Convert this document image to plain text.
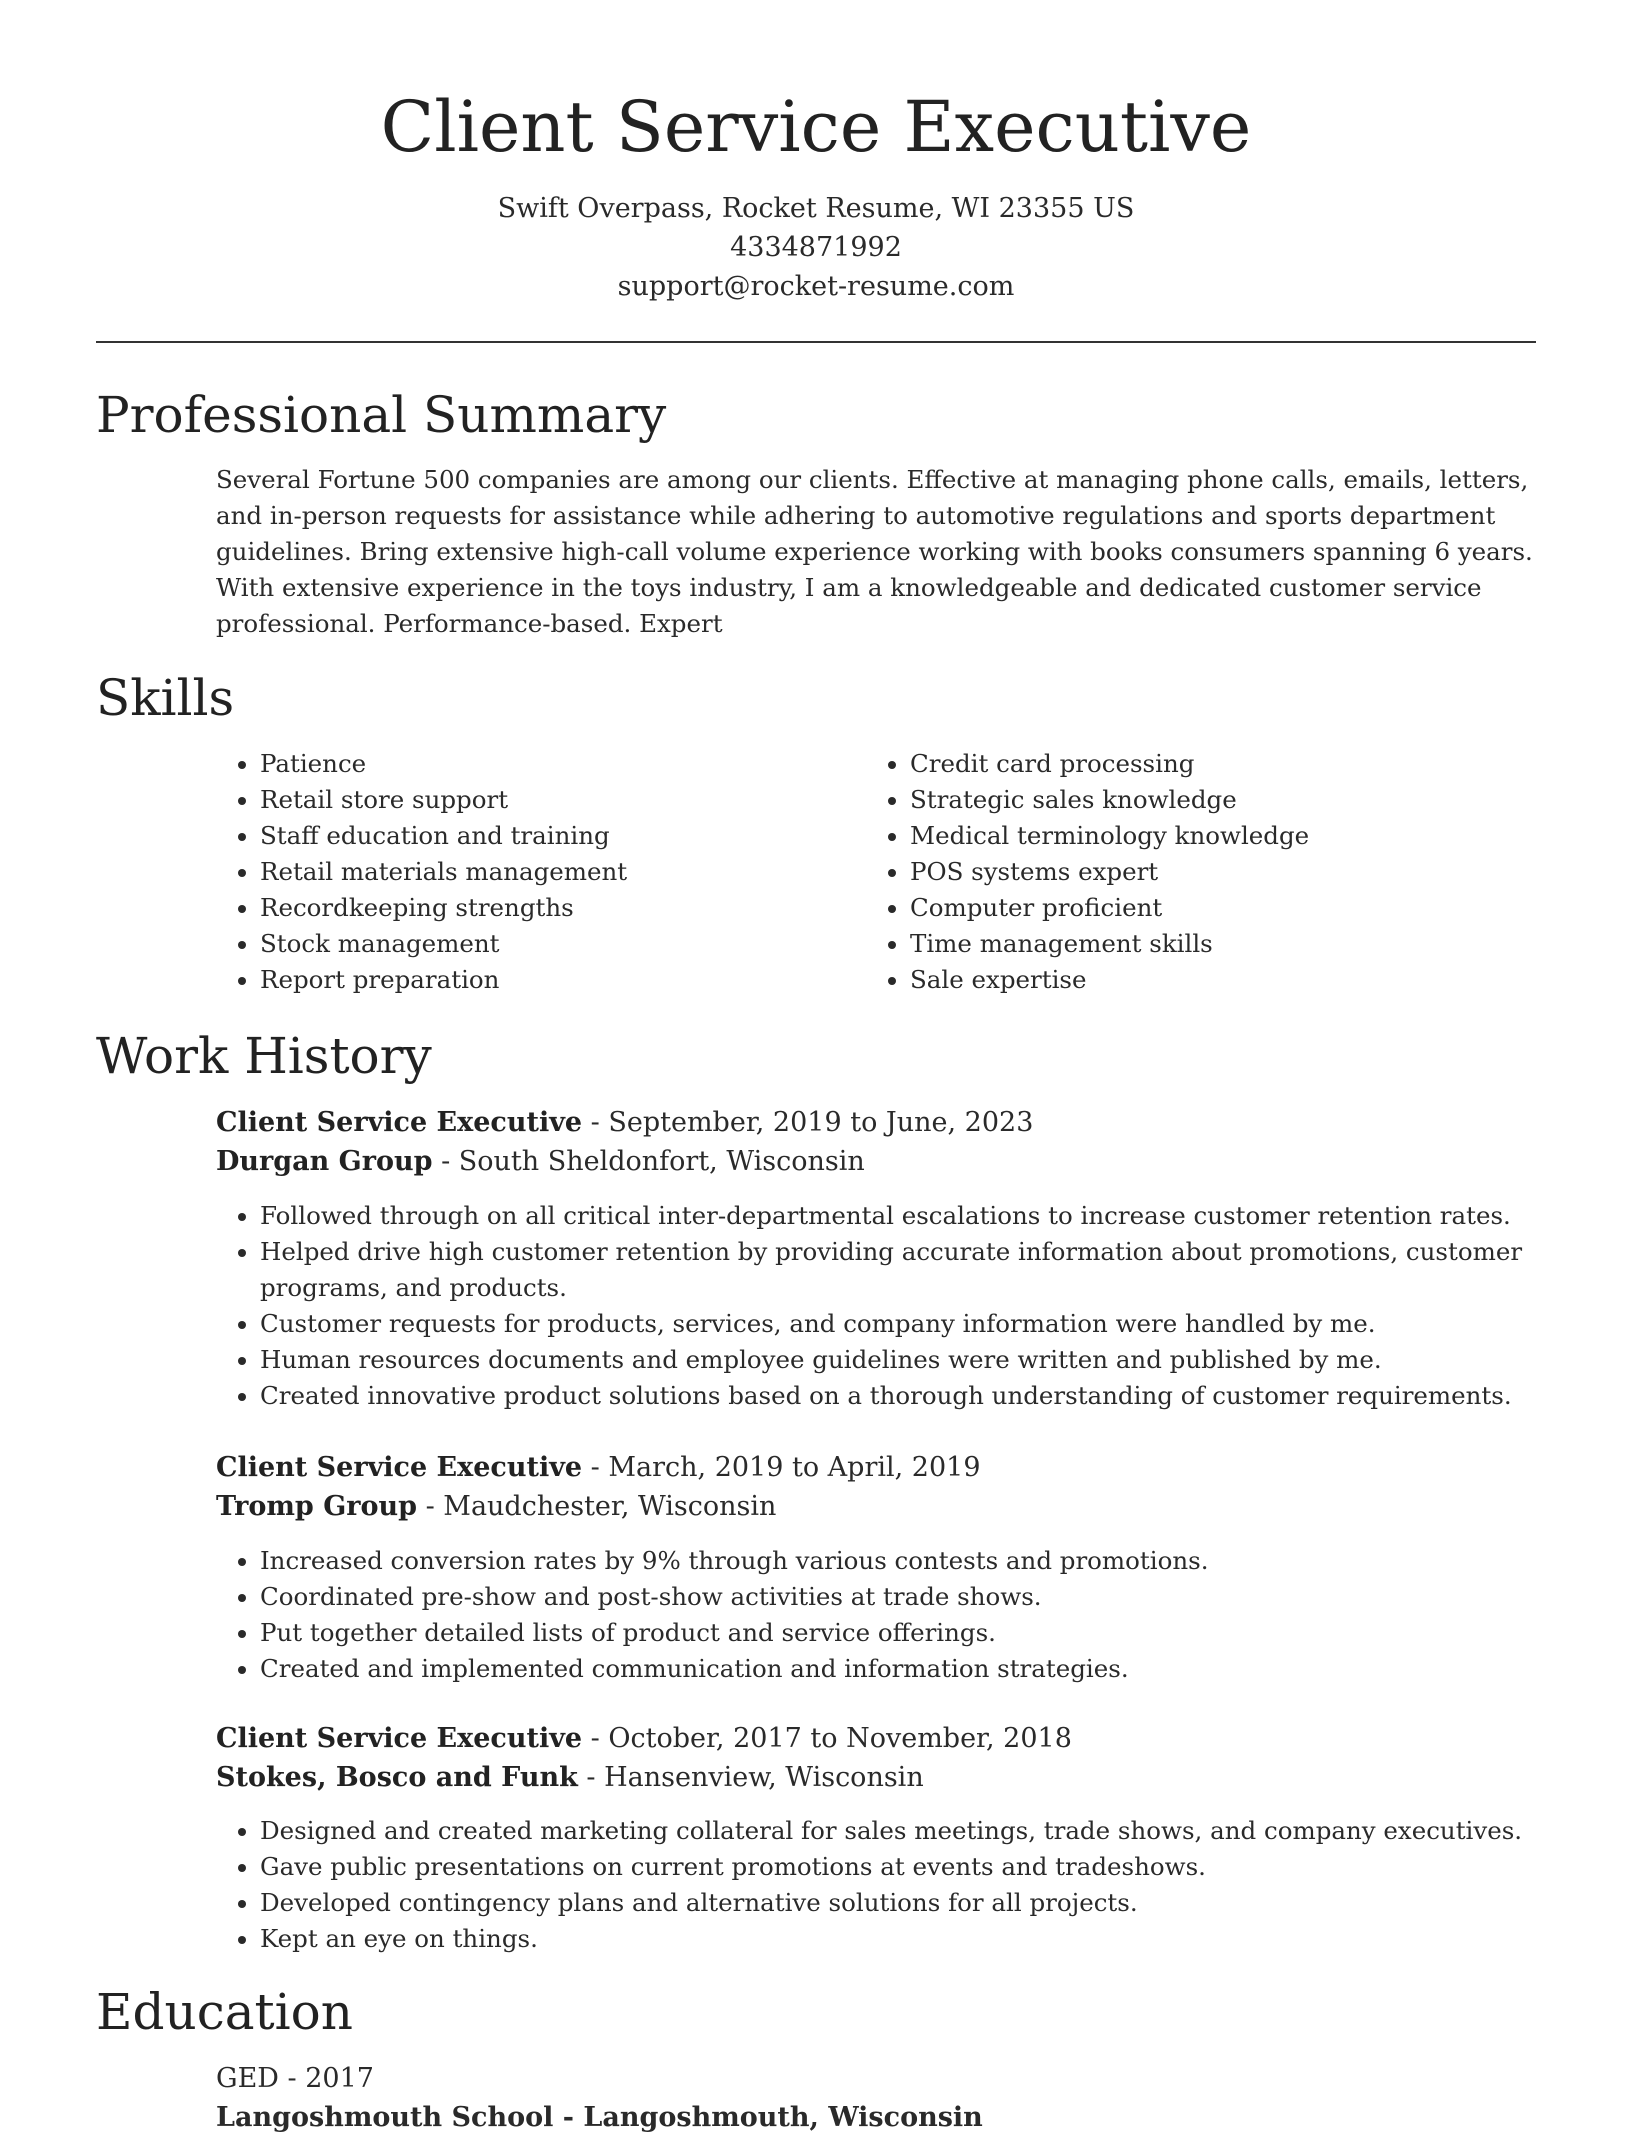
Client Service Executive
Swift Overpass, Rocket Resume, WI 23355 US
4334871992
support@rocket-resume.com
Professional Summary

Several Fortune 500 companies are among our clients. Effective at managing phone calls, emails, letters, and in-person requests for assistance while adhering to automotive regulations and sports department guidelines. Bring extensive high-call volume experience working with books consumers spanning 6 years. With extensive experience in the toys industry, I am a knowledgeable and dedicated customer service professional. Performance-based. Expert

Skills
• Patience
• Retail store support
• Staff education and training
• Retail materials management
• Recordkeeping strengths
• Stock management
• Report preparation
• Credit card processing
• Strategic sales knowledge
• Medical terminology knowledge
• POS systems expert
• Computer proficient
• Time management skills
• Sale expertise
Work History
Client Service Executive - September, 2019 to June, 2023
Durgan Group - South Sheldonfort, Wisconsin
• Followed through on all critical inter-departmental escalations to increase customer retention rates.
• Helped drive high customer retention by providing accurate information about promotions, customer programs, and products.
• Customer requests for products, services, and company information were handled by me.
• Human resources documents and employee guidelines were written and published by me.
• Created innovative product solutions based on a thorough understanding of customer requirements.
Client Service Executive - March, 2019 to April, 2019
Tromp Group - Maudchester, Wisconsin
• Increased conversion rates by 9% through various contests and promotions.
• Coordinated pre-show and post-show activities at trade shows.
• Put together detailed lists of product and service offerings.
• Created and implemented communication and information strategies.
Client Service Executive - October, 2017 to November, 2018
Stokes, Bosco and Funk - Hansenview, Wisconsin
• Designed and created marketing collateral for sales meetings, trade shows, and company executives.
• Gave public presentations on current promotions at events and tradeshows.
• Developed contingency plans and alternative solutions for all projects.
• Kept an eye on things.
Education
GED - 2017
Langoshmouth School - Langoshmouth, Wisconsin
